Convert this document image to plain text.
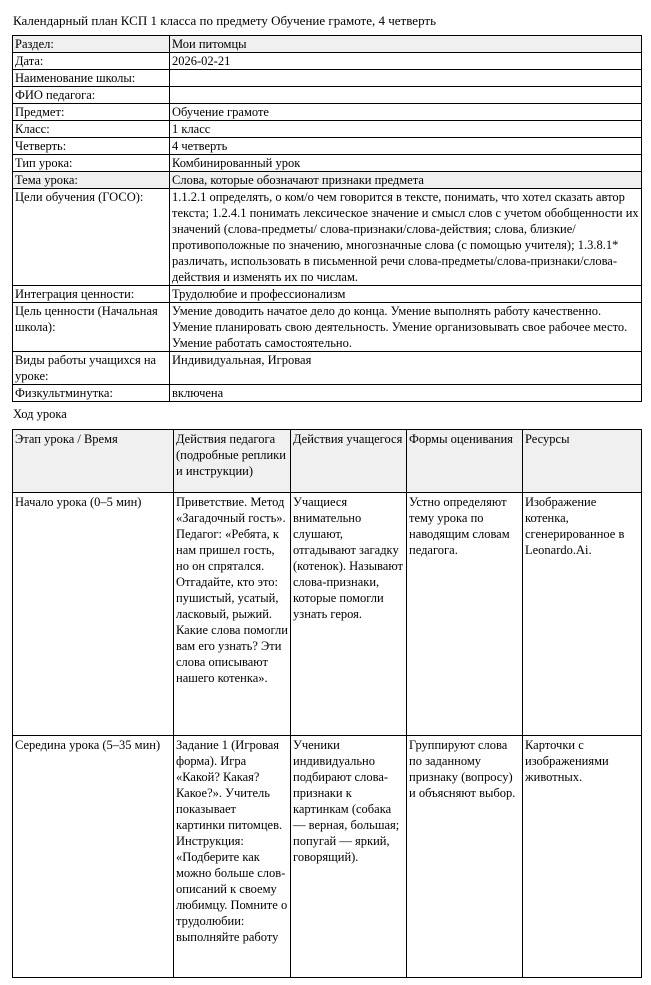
Календарный план КСП 1 класса по предмету Обучение грамоте, 4 четверть
Раздел:	Мои питомцы
Дата:	2026-02-21
Наименование школы:	
ФИО педагога:	
Предмет:	Обучение грамоте
Класс:	1 класс
Четверть:	4 четверть
Тип урока:	Комбинированный урок
Тема урока:	Слова, которые обозначают признаки предмета
Цели обучения (ГОСО):	1.1.2.1 определять, о ком/о чем говорится в тексте, понимать, что хотел сказать автор текста; 1.2.4.1 понимать лексическое значение и смысл слов с учетом обобщенности их значений (слова-предметы/ слова-признаки/слова-действия; слова, близкие/ противоположные по значению, многозначные слова (с помощью учителя); 1.3.8.1* различать, использовать в письменной речи слова-предметы/слова-признаки/слова-действия и изменять их по числам.
Интеграция ценности:	Трудолюбие и профессионализм
Цель ценности (Начальная школа):	Умение доводить начатое дело до конца. Умение выполнять работу качественно. Умение планировать свою деятельность. Умение организовывать свое рабочее место. Умение работать самостоятельно.
Виды работы учащихся на уроке:	Индивидуальная, Игровая
Физкультминутка:	включена
Ход урока
Этап урока / Время	Действия педагога (подробные реплики и инструкции)	Действия учащегося	Формы оценивания	Ресурсы
Начало урока (0–5 мин)	Приветствие. Метод «Загадочный гость». Педагог: «Ребята, к нам пришел гость, но он спрятался. Отгадайте, кто это: пушистый, усатый, ласковый, рыжий. Какие слова помогли вам его узнать? Эти слова описывают нашего котенка».	Учащиеся внимательно слушают, отгадывают загадку (котенок). Называют слова-признаки, которые помогли узнать героя.	Устно определяют тему урока по наводящим словам педагога.	Изображение котенка, сгенерированное в Leonardo.Ai.
Середина урока (5–35 мин)	Задание 1 (Игровая форма). Игра «Какой? Какая? Какое?». Учитель показывает картинки питомцев. Инструкция: «Подберите как можно больше слов-описаний к своему любимцу. Помните о трудолюбии: выполняйте работу	Ученики индивидуально подбирают слова-признаки к картинкам (собака — верная, большая; попугай — яркий, говорящий).	Группируют слова по заданному признаку (вопросу) и объясняют выбор.	Карточки с изображениями животных.
